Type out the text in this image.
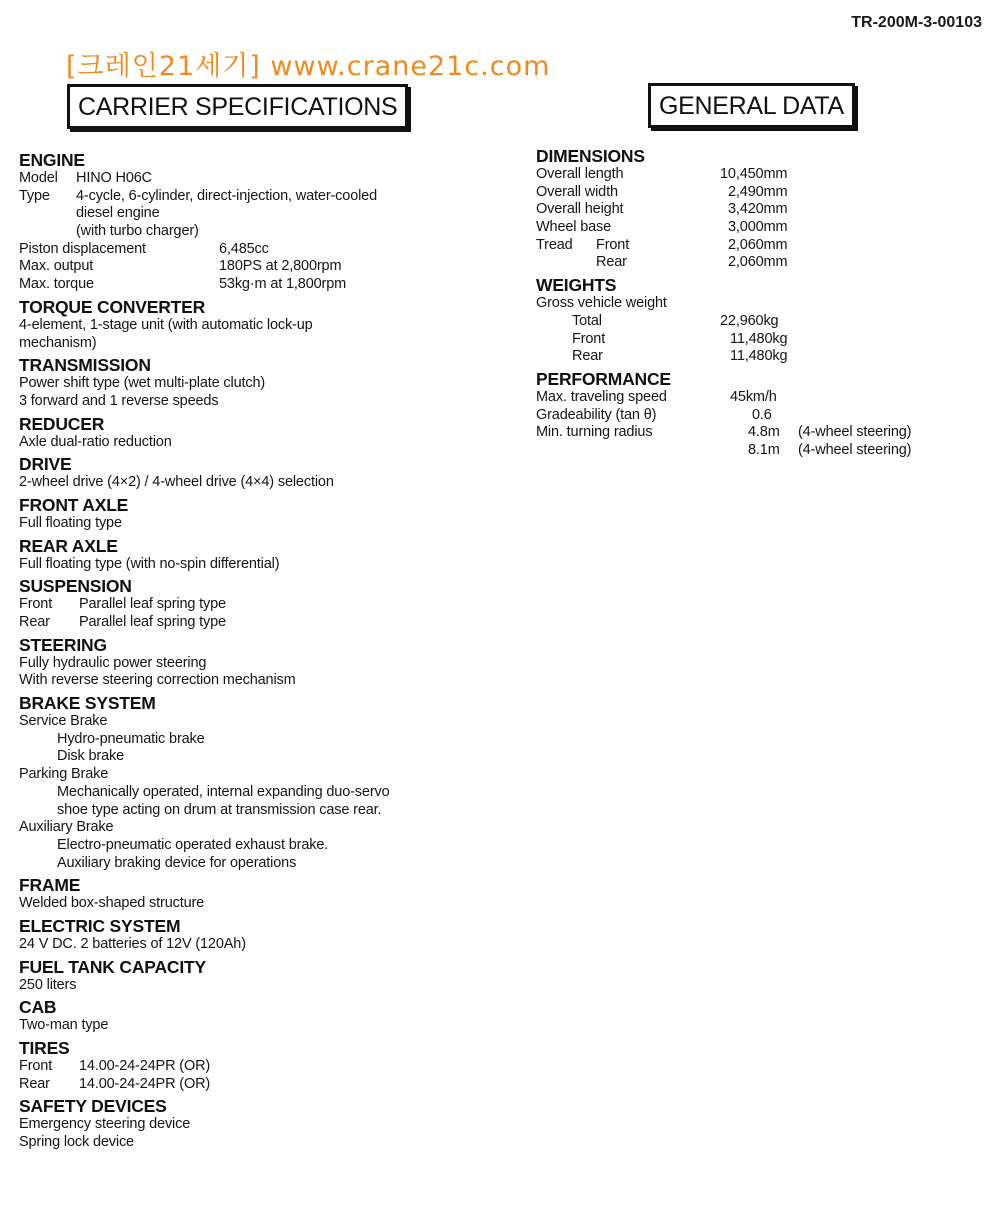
TR-200M-3-00103
[크레인21세기] www.crane21c.com
CARRIER SPECIFICATIONS	GENERAL DATA
ENGINE
Model HINO H06C
Type 4-cycle, 6-cylinder, direct-injection, water-cooled
diesel engine
(with turbo charger)
Piston displacement	6,485cc
Max. output	180PS at 2,800rpm
Max. torque	53kg·m at 1,800rpm
TORQUE CONVERTER
4-element, 1-stage unit (with automatic lock-up
mechanism)
TRANSMISSION
Power shift type (wet multi-plate clutch)
3 forward and 1 reverse speeds
REDUCER
Axle dual-ratio reduction
DRIVE
2-wheel drive (4×2) / 4-wheel drive (4×4) selection
FRONT AXLE
Full floating type
REAR AXLE
Full floating type (with no-spin differential)
SUSPENSION
Front Parallel leaf spring type
Rear Parallel leaf spring type
STEERING
Fully hydraulic power steering
With reverse steering correction mechanism
BRAKE SYSTEM
Service Brake
Hydro-pneumatic brake
Disk brake
Parking Brake
Mechanically operated, internal expanding duo-servo
shoe type acting on drum at transmission case rear.
Auxiliary Brake
Electro-pneumatic operated exhaust brake.
Auxiliary braking device for operations
FRAME
Welded box-shaped structure
ELECTRIC SYSTEM
24 V DC. 2 batteries of 12V (120Ah)
FUEL TANK CAPACITY
250 liters
CAB
Two-man type
TIRES
Front 14.00-24-24PR (OR)
Rear 14.00-24-24PR (OR)
SAFETY DEVICES
Emergency steering device
Spring lock device
DIMENSIONS
Overall length	10,450mm
Overall width	2,490mm
Overall height	3,420mm
Wheel base	3,000mm
Tread Front	2,060mm
Rear	2,060mm
WEIGHTS
Gross vehicle weight
Total	22,960kg
Front	11,480kg
Rear	11,480kg
PERFORMANCE
Max. traveling speed	45km/h
Gradeability (tan θ)	0.6
Min. turning radius	4.8m (4-wheel steering)
8.1m (4-wheel steering)
